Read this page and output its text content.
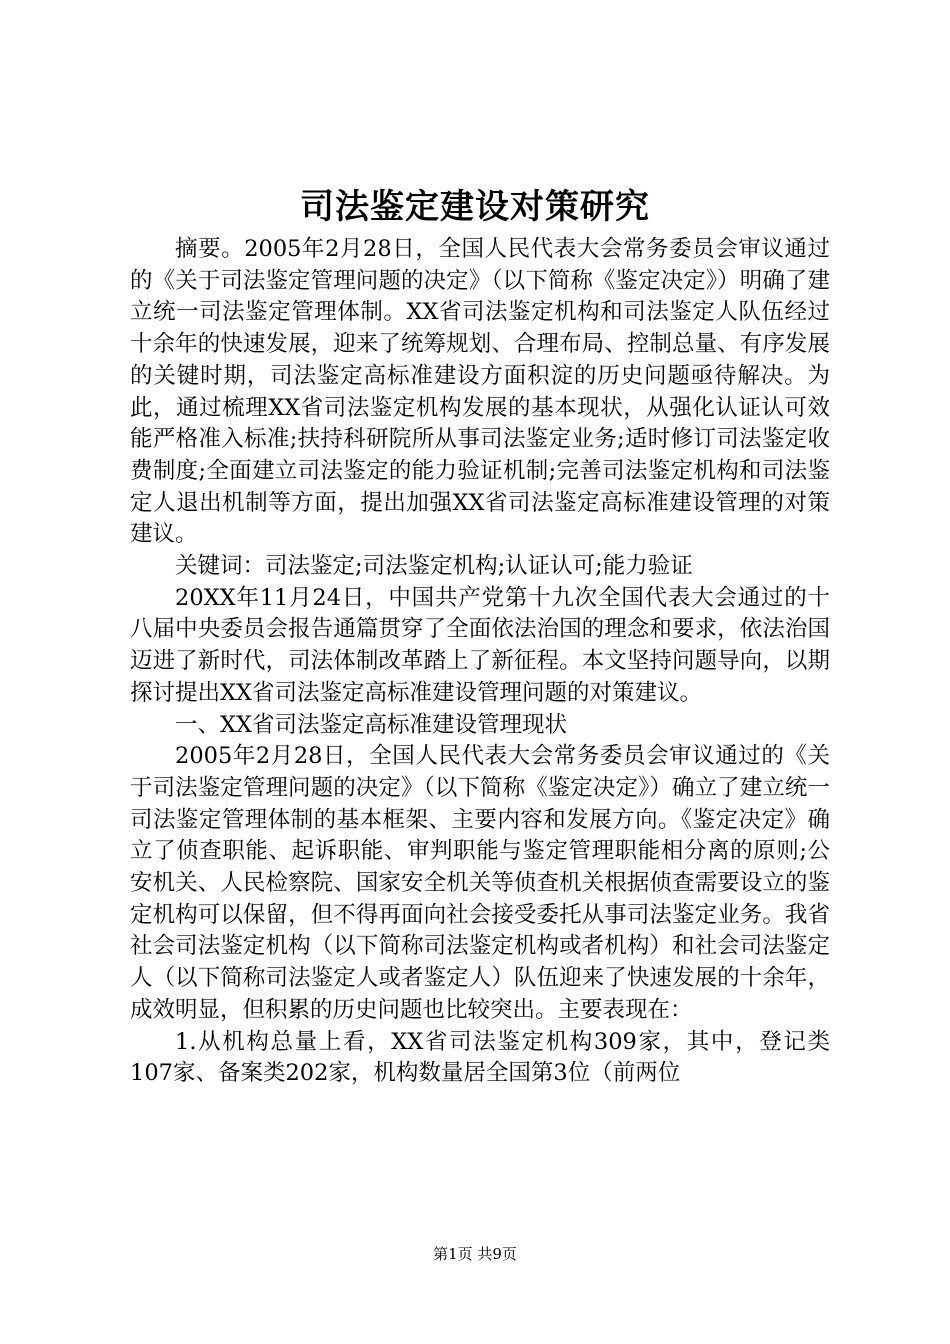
司法鉴定建设对策研究

摘要。2005年2月28日，全国人民代表大会常务委员会审议通过的《关于司法鉴定管理问题的决定》（以下简称《鉴定决定》）明确了建立统一司法鉴定管理体制。XX省司法鉴定机构和司法鉴定人队伍经过十余年的快速发展，迎来了统筹规划、合理布局、控制总量、有序发展的关键时期，司法鉴定高标准建设方面积淀的历史问题亟待解决。为此，通过梳理XX省司法鉴定机构发展的基本现状，从强化认证认可效能严格准入标准;扶持科研院所从事司法鉴定业务;适时修订司法鉴定收费制度;全面建立司法鉴定的能力验证机制;完善司法鉴定机构和司法鉴定人退出机制等方面，提出加强XX省司法鉴定高标准建设管理的对策建议。

关键词：司法鉴定;司法鉴定机构;认证认可;能力验证

20XX年11月24日，中国共产党第十九次全国代表大会通过的十八届中央委员会报告通篇贯穿了全面依法治国的理念和要求，依法治国迈进了新时代，司法体制改革踏上了新征程。本文坚持问题导向，以期探讨提出XX省司法鉴定高标准建设管理问题的对策建议。

一、XX省司法鉴定高标准建设管理现状

2005年2月28日，全国人民代表大会常务委员会审议通过的《关于司法鉴定管理问题的决定》（以下简称《鉴定决定》）确立了建立统一司法鉴定管理体制的基本框架、主要内容和发展方向。《鉴定决定》确立了侦查职能、起诉职能、审判职能与鉴定管理职能相分离的原则;公安机关、人民检察院、国家安全机关等侦查机关根据侦查需要设立的鉴定机构可以保留，但不得再面向社会接受委托从事司法鉴定业务。我省社会司法鉴定机构（以下简称司法鉴定机构或者机构）和社会司法鉴定人（以下简称司法鉴定人或者鉴定人）队伍迎来了快速发展的十余年，成效明显，但积累的历史问题也比较突出。主要表现在：

1.从机构总量上看，XX省司法鉴定机构309家，其中，登记类107家、备案类202家，机构数量居全国第3位（前两位

第1页 共9页
